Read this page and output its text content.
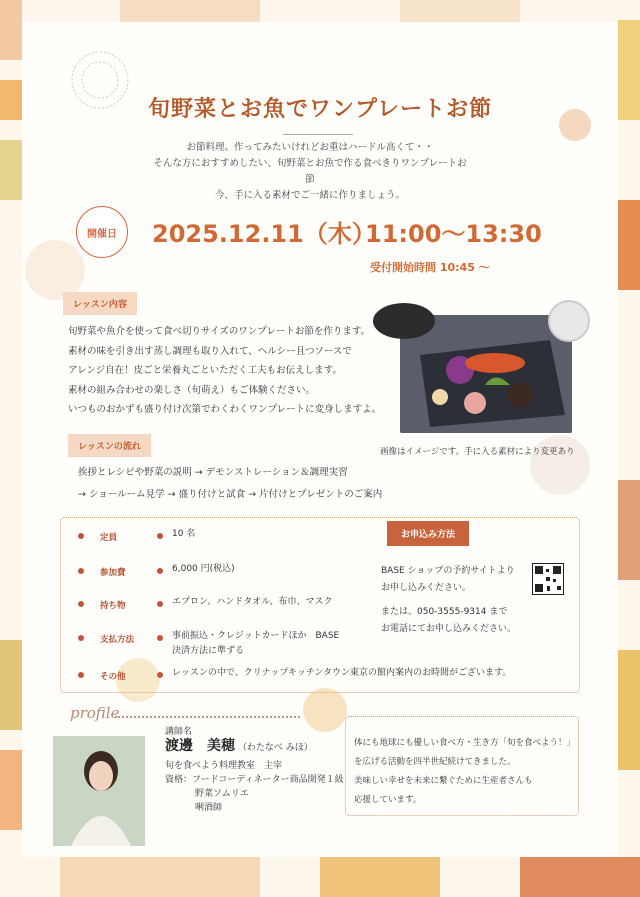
旬野菜とお魚でワンプレートお節
お節料理。作ってみたいけれどお重はハードル高くて・・
そんな方におすすめしたい、旬野菜とお魚で作る食べきりワンプレートお節
今、手に入る素材でご一緒に作りましょう。
開催日	2025.12.11（木）
11:00～13:30
受付開始時間 10:45 ～
レッスン内容
旬野菜や魚介を使って食べ切りサイズのワンプレートお節を作ります。
素材の味を引き出す蒸し調理も取り入れて、ヘルシー且つソースで
アレンジ自在！皮ごと栄養丸ごといただく工夫もお伝えします。
素材の組み合わせの楽しさ（旬萌え）もご体験ください。
いつものおかずも盛り付け次第でわくわくワンプレートに変身しますよ。
画像はイメージです。手に入る素材により変更あり
レッスンの流れ
挨拶とレシピや野菜の説明 → デモンストレーション＆調理実習
→ ショールーム見学 → 盛り付けと試食 → 片付けとプレゼントのご案内
定員	10 名
参加費	6,000 円(税込)
持ち物	エプロン、ハンドタオル、布巾、マスク
支払方法	事前振込・クレジットカードほか　BASE
決済方法に準ずる
その他	レッスンの中で、クリナップキッチンタウン東京の館内案内のお時間がございます。
お申込み方法
BASE ショップの予約サイトより
お申し込みください。
または、050-3555-9314 まで
お電話にてお申し込みください。
profile
講師名
渡邊　美穂 （わたなべ みほ）
旬を食べよう料理教室　主宰
資格：フードコーディネーター商品開発１級
野菜ソムリエ
唎酒師
体にも地球にも優しい食べ方・生き方「旬を食べよう！」
を広げる活動を四半世紀続けてきました。
美味しい幸せを未来に繋ぐために生産者さんも
応援しています。
